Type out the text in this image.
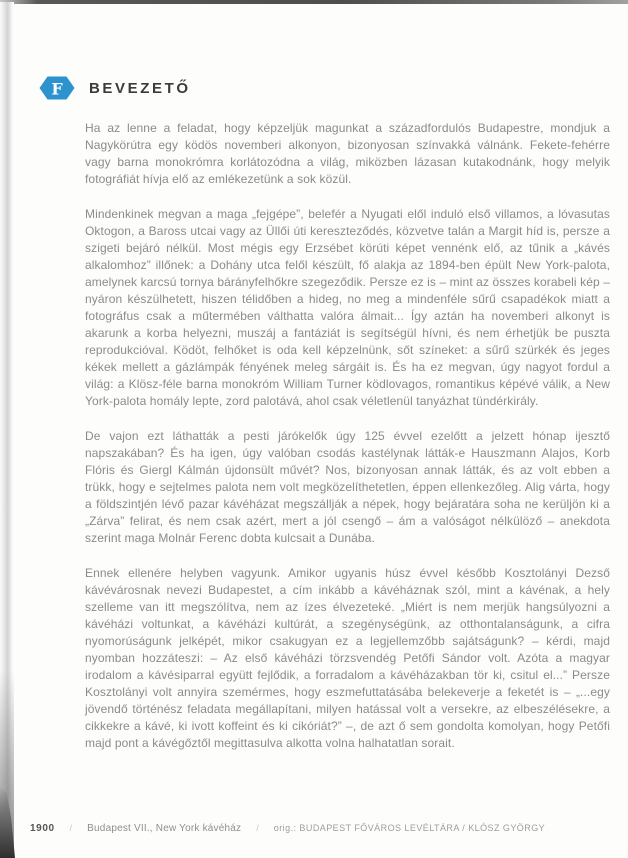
F BEVEZETŐ

Ha az lenne a feladat, hogy képzeljük magunkat a századfordulós Budapestre, mondjuk a Nagykörútra egy ködös novemberi alkonyon, bizonyosan színvakká válnánk. Fekete-fehérre vagy barna monokrómra korlátozódna a világ, miközben lázasan kutakodnánk, hogy melyik fotográfiát hívja elő az emlékezetünk a sok közül.

Mindenkinek megvan a maga „fejgépe”, belefér a Nyugati elől induló első villamos, a lóvasutas Oktogon, a Baross utcai vagy az Üllői úti kereszteződés, közvetve talán a Margit híd is, persze a szigeti bejáró nélkül. Most mégis egy Erzsébet körúti képet vennénk elő, az tűnik a „kávés alkalomhoz” illőnek: a Dohány utca felől készült, fő alakja az 1894-ben épült New York-palota, amelynek karcsú tornya bárányfelhőkre szegeződik. Persze ez is – mint az összes korabeli kép – nyáron készülhetett, hiszen télidőben a hideg, no meg a mindenféle sűrű csapadékok miatt a fotográfus csak a műtermében válthatta valóra álmait... Így aztán ha novemberi alkonyt is akarunk a korba helyezni, muszáj a fantáziát is segítségül hívni, és nem érhetjük be puszta reprodukcióval. Ködöt, felhőket is oda kell képzelnünk, sőt színeket: a sűrű szürkék és jeges kékek mellett a gázlámpák fényének meleg sárgáit is. És ha ez megvan, úgy nagyot fordul a világ: a Klösz-féle barna monokróm William Turner ködlovagos, romantikus képévé válik, a New York-palota homály lepte, zord palotává, ahol csak véletlenül tanyázhat tündérkirály.

De vajon ezt láthatták a pesti járókelők úgy 125 évvel ezelőtt a jelzett hónap ijesztő napszakában? És ha igen, úgy valóban csodás kastélynak látták-e Hauszmann Alajos, Korb Flóris és Giergl Kálmán újdonsült művét? Nos, bizonyosan annak látták, és az volt ebben a trükk, hogy e sejtelmes palota nem volt megközelíthetetlen, éppen ellenkezőleg. Alig várta, hogy a földszintjén lévő pazar kávéházat megszállják a népek, hogy bejáratára soha ne kerüljön ki a „Zárva” felirat, és nem csak azért, mert a jól csengő – ám a valóságot nélkülöző – anekdota szerint maga Molnár Ferenc dobta kulcsait a Dunába.

Ennek ellenére helyben vagyunk. Amikor ugyanis húsz évvel később Kosztolányi Dezső kávévárosnak nevezi Budapestet, a cím inkább a kávéháznak szól, mint a kávénak, a hely szelleme van itt megszólítva, nem az ízes élvezeteké. „Miért is nem merjük hangsúlyozni a kávéházi voltunkat, a kávéházi kultúrát, a szegénységünk, az otthontalanságunk, a cifra nyomorúságunk jelképét, mikor csakugyan ez a legjellemzőbb sajátságunk? – kérdi, majd nyomban hozzáteszi: – Az első kávéházi törzsvendég Petőfi Sándor volt. Azóta a magyar irodalom a kávésiparral együtt fejlődik, a forradalom a kávéházakban tör ki, csitul el...” Persze Kosztolányi volt annyira szemérmes, hogy eszmefuttatásába belekeverje a feketét is – „...egy jövendő történész feladata megállapítani, milyen hatással volt a versekre, az elbeszélésekre, a cikkekre a kávé, ki ivott koffeint és ki cikóriát?” –, de azt ő sem gondolta komolyan, hogy Petőfi majd pont a kávégőztől megittasulva alkotta volna halhatatlan sorait.

1900 / Budapest VII., New York kávéház / orig.: BUDAPEST FŐVÁROS LEVÉLTÁRA / KLÓSZ GYÖRGY
